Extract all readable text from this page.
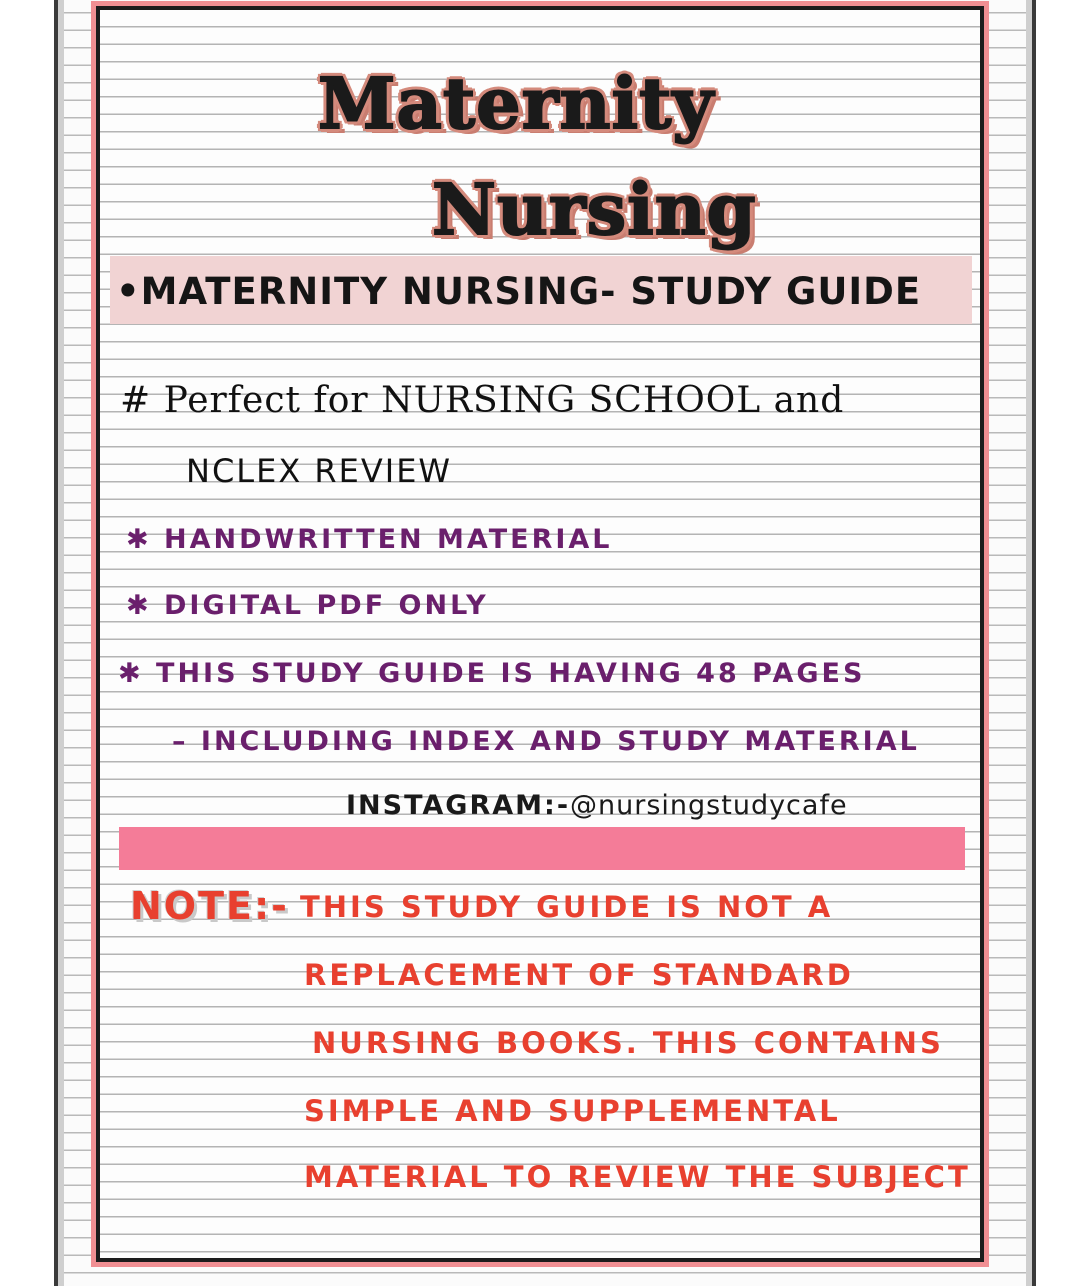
Maternity
Nursing
•MATERNITY NURSING- STUDY GUIDE
# Perfect for NURSING SCHOOL and
NCLEX REVIEW
✱ HANDWRITTEN MATERIAL
✱ DIGITAL PDF ONLY
✱ THIS STUDY GUIDE IS HAVING 48 PAGES
– INCLUDING INDEX AND STUDY MATERIAL
INSTAGRAM:-@nursingstudycafe
NOTE:- THIS STUDY GUIDE IS NOT A
REPLACEMENT OF STANDARD
NURSING BOOKS. THIS CONTAINS
SIMPLE AND SUPPLEMENTAL
MATERIAL TO REVIEW THE SUBJECT
